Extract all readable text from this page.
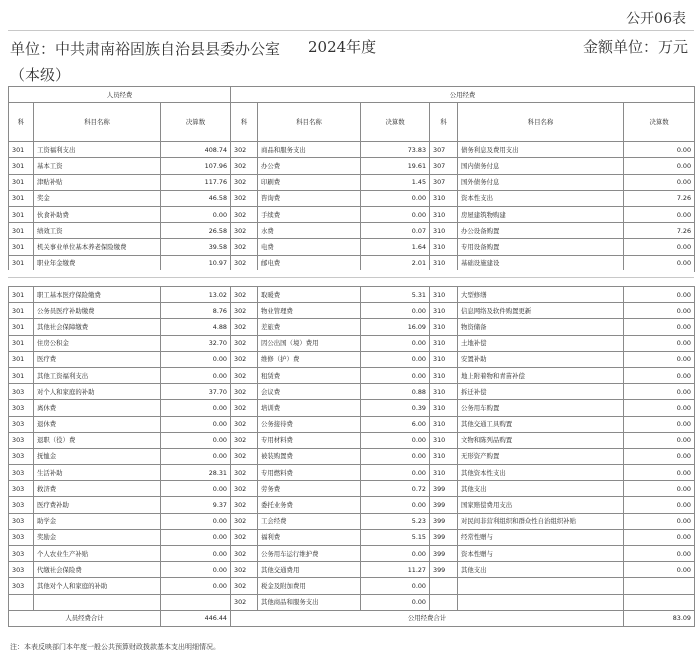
公开06表
单位：中共肃南裕固族自治县县委办公室（本级）
2024年度	金额单位：万元
人员经费			公用经费					
科	科目名称	决算数	科	科目名称	决算数	科	科目名称	决算数
301	工资福利支出	408.74	302	商品和服务支出	73.83	307	债务利息及费用支出	0.00
301	基本工资	107.96	302	办公费	19.61	307	国内债务付息	0.00
301	津贴补贴	117.76	302	印刷费	1.45	307	国外债务付息	0.00
301	奖金	46.58	302	咨询费	0.00	310	资本性支出	7.26
301	伙食补助费	0.00	302	手续费	0.00	310	房屋建筑物购建	0.00
301	绩效工资	26.58	302	水费	0.07	310	办公设备购置	7.26
301	机关事业单位基本养老保险缴费	39.58	302	电费	1.64	310	专用设备购置	0.00
301	职业年金缴费	10.97	302	邮电费	2.01	310	基础设施建设	0.00
301	职工基本医疗保险缴费	13.02	302	取暖费	5.31	310	大型修缮	0.00
301	公务员医疗补助缴费	8.76	302	物业管理费	0.00	310	信息网络及软件购置更新	0.00
301	其他社会保障缴费	4.88	302	差旅费	16.09	310	物资储备	0.00
301	住房公积金	32.70	302	因公出国（境）费用	0.00	310	土地补偿	0.00
301	医疗费	0.00	302	维修（护）费	0.00	310	安置补助	0.00
301	其他工资福利支出	0.00	302	租赁费	0.00	310	地上附着物和青苗补偿	0.00
303	对个人和家庭的补助	37.70	302	会议费	0.88	310	拆迁补偿	0.00
303	离休费	0.00	302	培训费	0.39	310	公务用车购置	0.00
303	退休费	0.00	302	公务接待费	6.00	310	其他交通工具购置	0.00
303	退职（役）费	0.00	302	专用材料费	0.00	310	文物和陈列品购置	0.00
303	抚恤金	0.00	302	被装购置费	0.00	310	无形资产购置	0.00
303	生活补助	28.31	302	专用燃料费	0.00	310	其他资本性支出	0.00
303	救济费	0.00	302	劳务费	0.72	399	其他支出	0.00
303	医疗费补助	9.37	302	委托业务费	0.00	399	国家赔偿费用支出	0.00
303	助学金	0.00	302	工会经费	5.23	399	对民间非营利组织和群众性自治组织补贴	0.00
303	奖励金	0.00	302	福利费	5.15	399	经常性赠与	0.00
303	个人农业生产补贴	0.00	302	公务用车运行维护费	0.00	399	资本性赠与	0.00
303	代缴社会保险费	0.00	302	其他交通费用	11.27	399	其他支出	0.00
303	其他对个人和家庭的补助	0.00	302	税金及附加费用	0.00			
			302	其他商品和服务支出	0.00			
人员经费合计		446.44	公用经费合计					83.09
注：本表反映部门本年度一般公共预算财政拨款基本支出明细情况。
